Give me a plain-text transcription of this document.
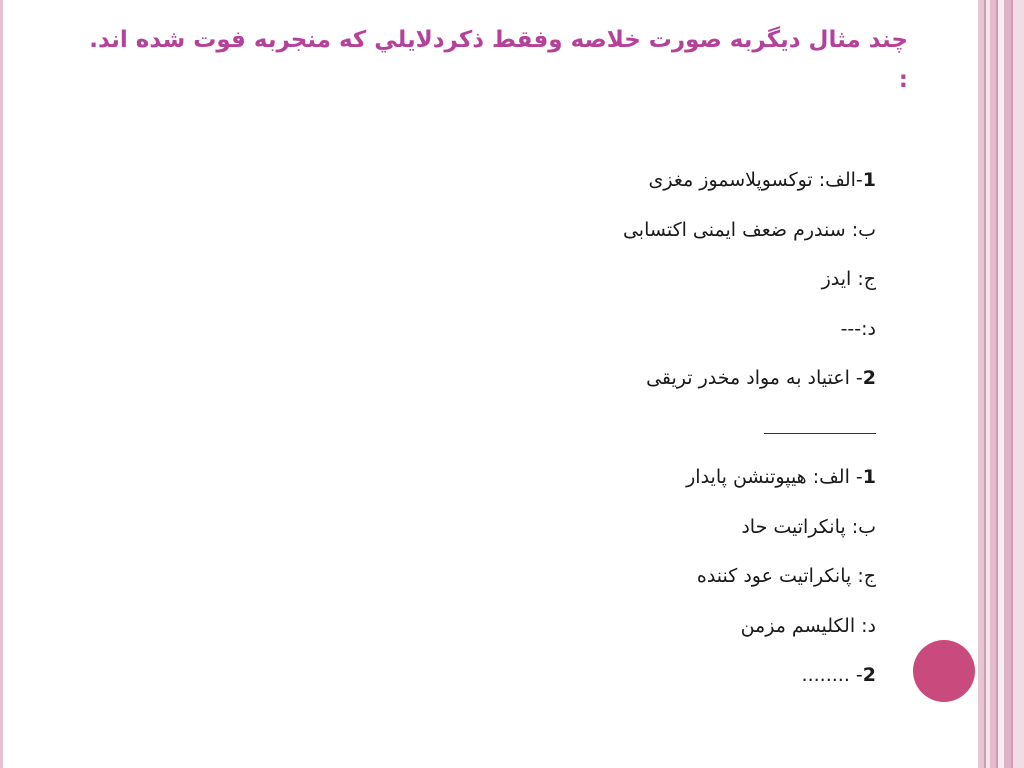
چند مثال ديگربه صورت خلاصه وفقط ذكردلايلي كه منجربه فوت شده اند.
:
1-الف: توکسوپلاسموز مغزی
ب: سندرم ضعف ایمنی اکتسابی
ج: ایدز
د:---
2- اعتیاد به مواد مخدر تریقی
1- الف: هیپوتنشن پایدار
ب: پانکراتیت حاد
ج: پانکراتیت عود کننده
د: الکلیسم مزمن
2- ........
